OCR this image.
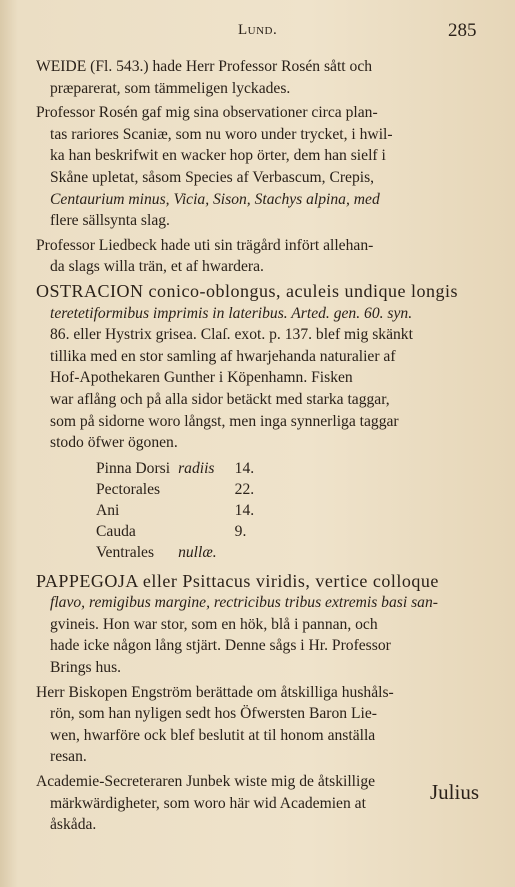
Lund.	285
WEIDE (Fl. 543.) hade Herr Professor Rosén sått och
præparerat, som tämmeligen lyckades.
Professor Rosén gaf mig sina observationer circa plan-
tas rariores Scaniæ, som nu woro under trycket, i hwil-
ka han beskrifwit en wacker hop örter, dem han sielf i
Skåne upletat, såsom Species af Verbascum, Crepis,
Centaurium minus, Vicia, Sison, Stachys alpina, med
flere sällsynta slag.
Professor Liedbeck hade uti sin trägård infört allehan-
da slags willa trän, et af hwardera.
OSTRACION conico-oblongus, aculeis undique longis
teretetiformibus imprimis in lateribus. Arted. gen. 60. syn.
86. eller Hystrix grisea. Claſ. exot. p. 137. blef mig skänkt
tillika med en stor samling af hwarjehanda naturalier af
Hof-Apothekaren Gunther i Köpenhamn. Fisken
war aflång och på alla sidor betäckt med starka taggar,
som på sidorne woro långst, men inga synnerliga taggar
stodo öfwer ögonen.
Pinna Dorsi	radiis	14.
Pectorales		22.
Ani		14.
Cauda		9.
Ventrales	nullæ.	
PAPPEGOJA eller Psittacus viridis, vertice colloque
flavo, remigibus margine, rectricibus tribus extremis basi san-
gvineis. Hon war stor, som en hök, blå i pannan, och
hade icke någon lång stjärt. Denne sågs i Hr. Professor
Brings hus.
Herr Biskopen Engström berättade om åtskilliga hushåls-
rön, som han nyligen sedt hos Öfwersten Baron Lie-
wen, hwarföre ock blef beslutit at til honom anställa
resan.
Academie-Secreteraren Junbek wiste mig de åtskillige
märkwärdigheter, som woro här wid Academien at
åskåda.
Julius
